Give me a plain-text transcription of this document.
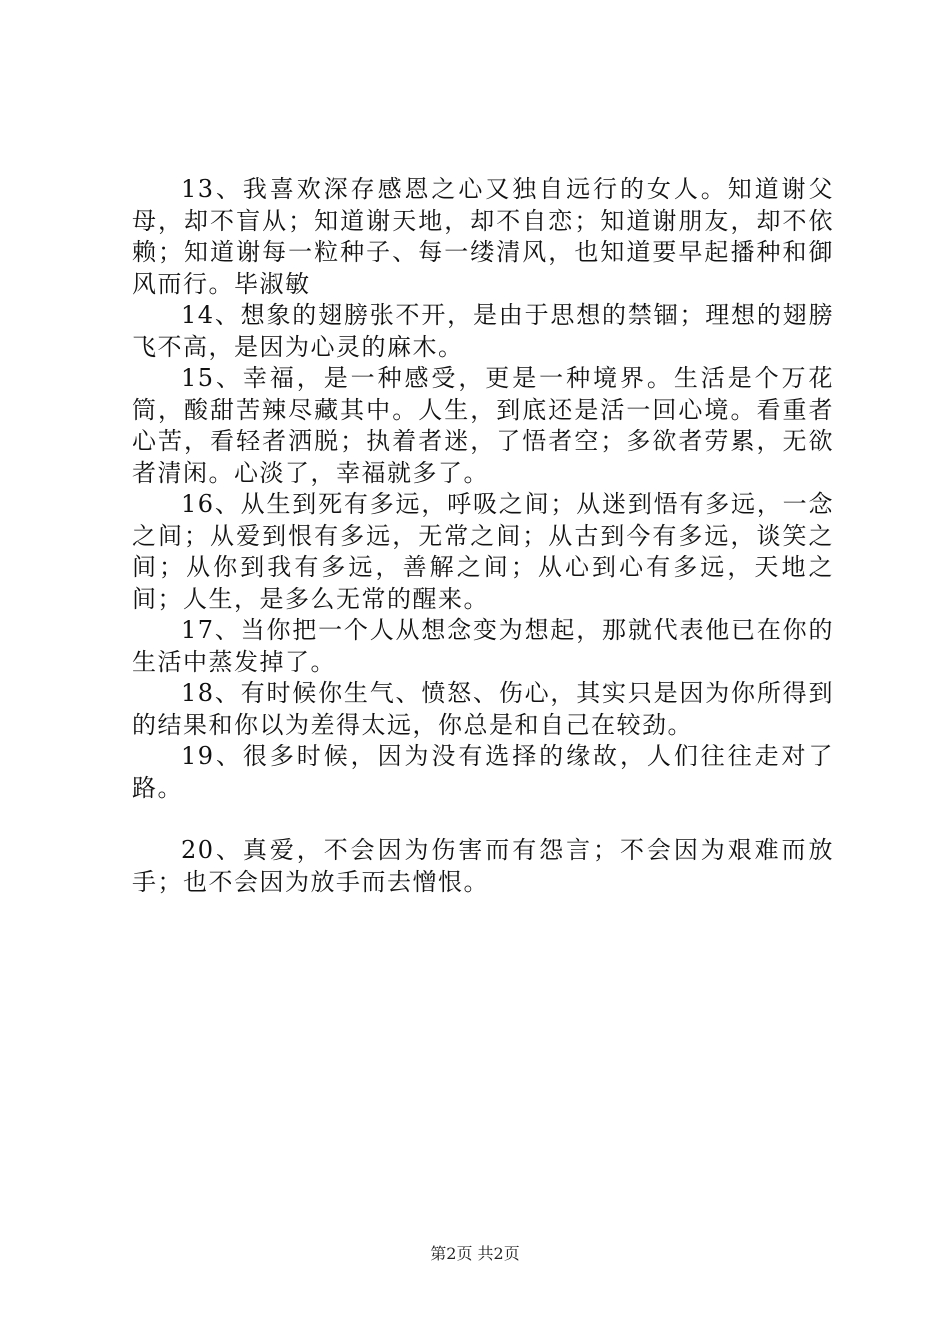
13、我喜欢深存感恩之心又独自远行的女人。知道谢父母，却不盲从；知道谢天地，却不自恋；知道谢朋友，却不依赖；知道谢每一粒种子、每一缕清风，也知道要早起播种和御风而行。毕淑敏

14、想象的翅膀张不开，是由于思想的禁锢；理想的翅膀飞不高，是因为心灵的麻木。

15、幸福，是一种感受，更是一种境界。生活是个万花筒，酸甜苦辣尽藏其中。人生，到底还是活一回心境。看重者心苦，看轻者洒脱；执着者迷，了悟者空；多欲者劳累，无欲者清闲。心淡了，幸福就多了。

16、从生到死有多远，呼吸之间；从迷到悟有多远，一念之间；从爱到恨有多远，无常之间；从古到今有多远，谈笑之间；从你到我有多远，善解之间；从心到心有多远，天地之间；人生，是多么无常的醒来。

17、当你把一个人从想念变为想起，那就代表他已在你的生活中蒸发掉了。

18、有时候你生气、愤怒、伤心，其实只是因为你所得到的结果和你以为差得太远，你总是和自己在较劲。

19、很多时候，因为没有选择的缘故，人们往往走对了路。

20、真爱，不会因为伤害而有怨言；不会因为艰难而放手；也不会因为放手而去憎恨。

第2页 共2页
